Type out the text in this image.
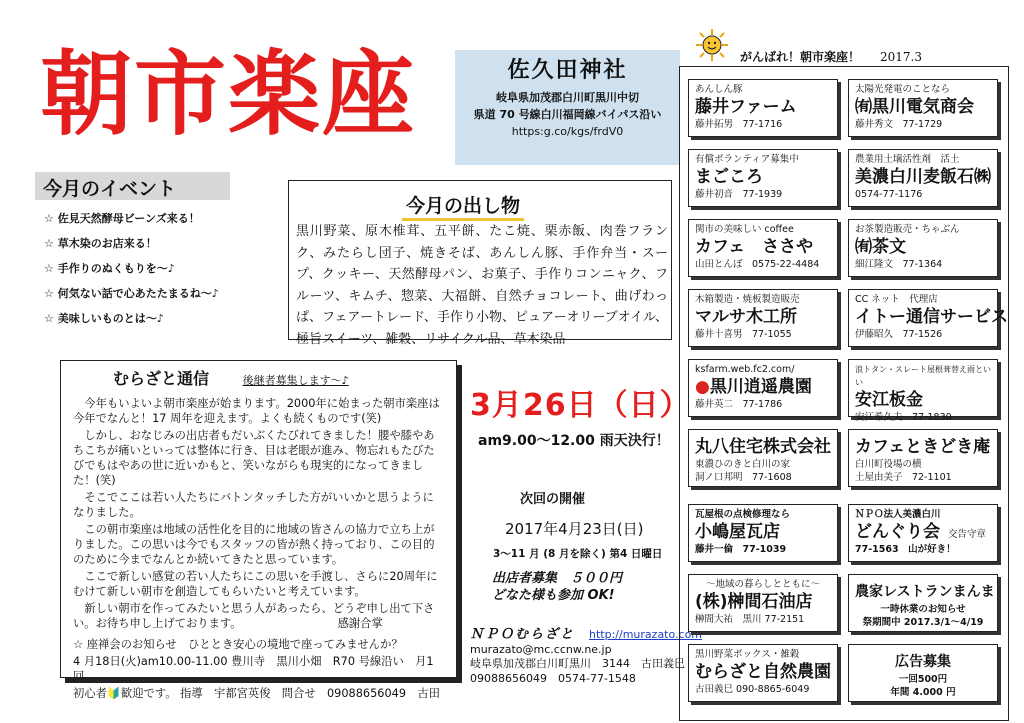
朝市楽座	佐久田神社
岐阜県加茂郡白川町黒川中切
県道 70 号線白川福岡線バイパス沿い
https:g.co/kgs/frdV0
今月のイベント
☆ 佐見天然酵母ビーンズ来る！
☆ 草木染のお店来る！
☆ 手作りのぬくもりを～♪
☆ 何気ない話で心あたたまるね～♪
☆ 美味しいものとは～♪
今月の出し物
黒川野菜、原木椎茸、五平餅、たこ焼、栗赤飯、肉巻フランク、みたらし団子、焼きそば、あんしん豚、手作弁当・スープ、クッキー、天然酵母パン、お菓子、手作りコンニャク、フルーツ、キムチ、惣菜、大福餅、自然チョコレート、曲げわっぱ、フェアートレード、手作り小物、ピュアーオリーブオイル、極旨スイーツ、雑穀、リサイクル品、草木染品
むらざと通信	後継者募集します～♪

今年もいよいよ朝市楽座が始まります。2000年に始まった朝市楽座は今年でなんと！17 周年を迎えます。よくも続くものです(笑)

しかし、おなじみの出店者もだいぶくたびれてきました！腰や膝やあちこちが痛いといっては整体に行き、目は老眼が進み、物忘れもたびたびでもはやあの世に近いかもと、笑いながらも現実的になってきました！(笑)

そこでここは若い人たちにバトンタッチした方がいいかと思うようになりました。

この朝市楽座は地域の活性化を目的に地域の皆さんの協力で立ち上がりました。この思いは今でもスタッフの皆が熱く持っており、この目的のために今までなんとか続いてきたと思っています。

ここで新しい感覚の若い人たちにこの思いを手渡し、さらに20周年にむけて新しい朝市を創造してもらいたいと考えています。

新しい朝市を作ってみたいと思う人があったら、どうぞ申し出て下さい。お待ち申し上げております。　　　　　　　　　感謝合掌

☆ 座禅会のお知らせ　ひととき安心の境地で座ってみませんか？

4 月18日(火)am10.00-11.00 豊川寺　黒川小畑　R70 号線沿い　月1回

初心者🔰歓迎です。 指導　宇都宮英俊　問合せ　09088656049　古田

3月26日（日）
am9.00～12.00 雨天決行！
次回の開催
2017年4月23日(日)
3～11 月 (8 月を除く) 第4 日曜日
出店者募集　５００円
どなた様も参加 OK!
ＮＰＯむらざと http://murazato.com
murazato@mc.ccnw.ne.jp
岐阜県加茂郡白川町黒川　3144　古田義巳
09088656049　0574-77-1548
がんばれ！朝市楽座！ 2017.3
あんしん豚
藤井ファーム
藤井拓男　77-1716
太陽光発電のことなら
㈲黒川電気商会
藤井秀文　77-1729
有償ボランティア募集中
まごころ
藤井初音　77-1939
農業用土壌活性剤　活土
美濃白川麦飯石㈱
0574-77-1176
関市の美味しい coffee
カフェ　ささや
山田とんぼ　0575-22-4484
お茶製造販売・ちゃぶん
㈲茶文
細江隆文　77-1364
木箱製造・焼板製造販売
マルサ木工所
藤井十喜男　77-1055
CC ネット　代理店
イトー通信サービス
伊藤昭久　77-1526
ksfarm.web.fc2.com/
●黒川逍遥農園
藤井英二　77-1786
浪トタン・スレート屋根葺替え雨といい
安江板金
安江希久夫　77-1830
丸八住宅株式会社
東濃ひのきと白川の家
洞ノ口邦明　77-1608
カフェときどき庵
白川町役場の横
土屋由美子　72-1101
瓦屋根の点検修理なら
小嶋屋瓦店
藤井一倫　77-1039
ＮＰＯ法人美濃白川
どんぐり会 交告守章
77-1563　山が好き！
～地域の暮らしとともに～
(株)榊間石油店
榊間大祐　黒川 77-2151
農家レストランまんま
一時休業のお知らせ
祭期間中 2017.3/1～4/19
黒川野菜ボックス・雑穀
むらざと自然農園
古田義巳 090-8865-6049
広告募集
一回500円
年間 4.000 円
